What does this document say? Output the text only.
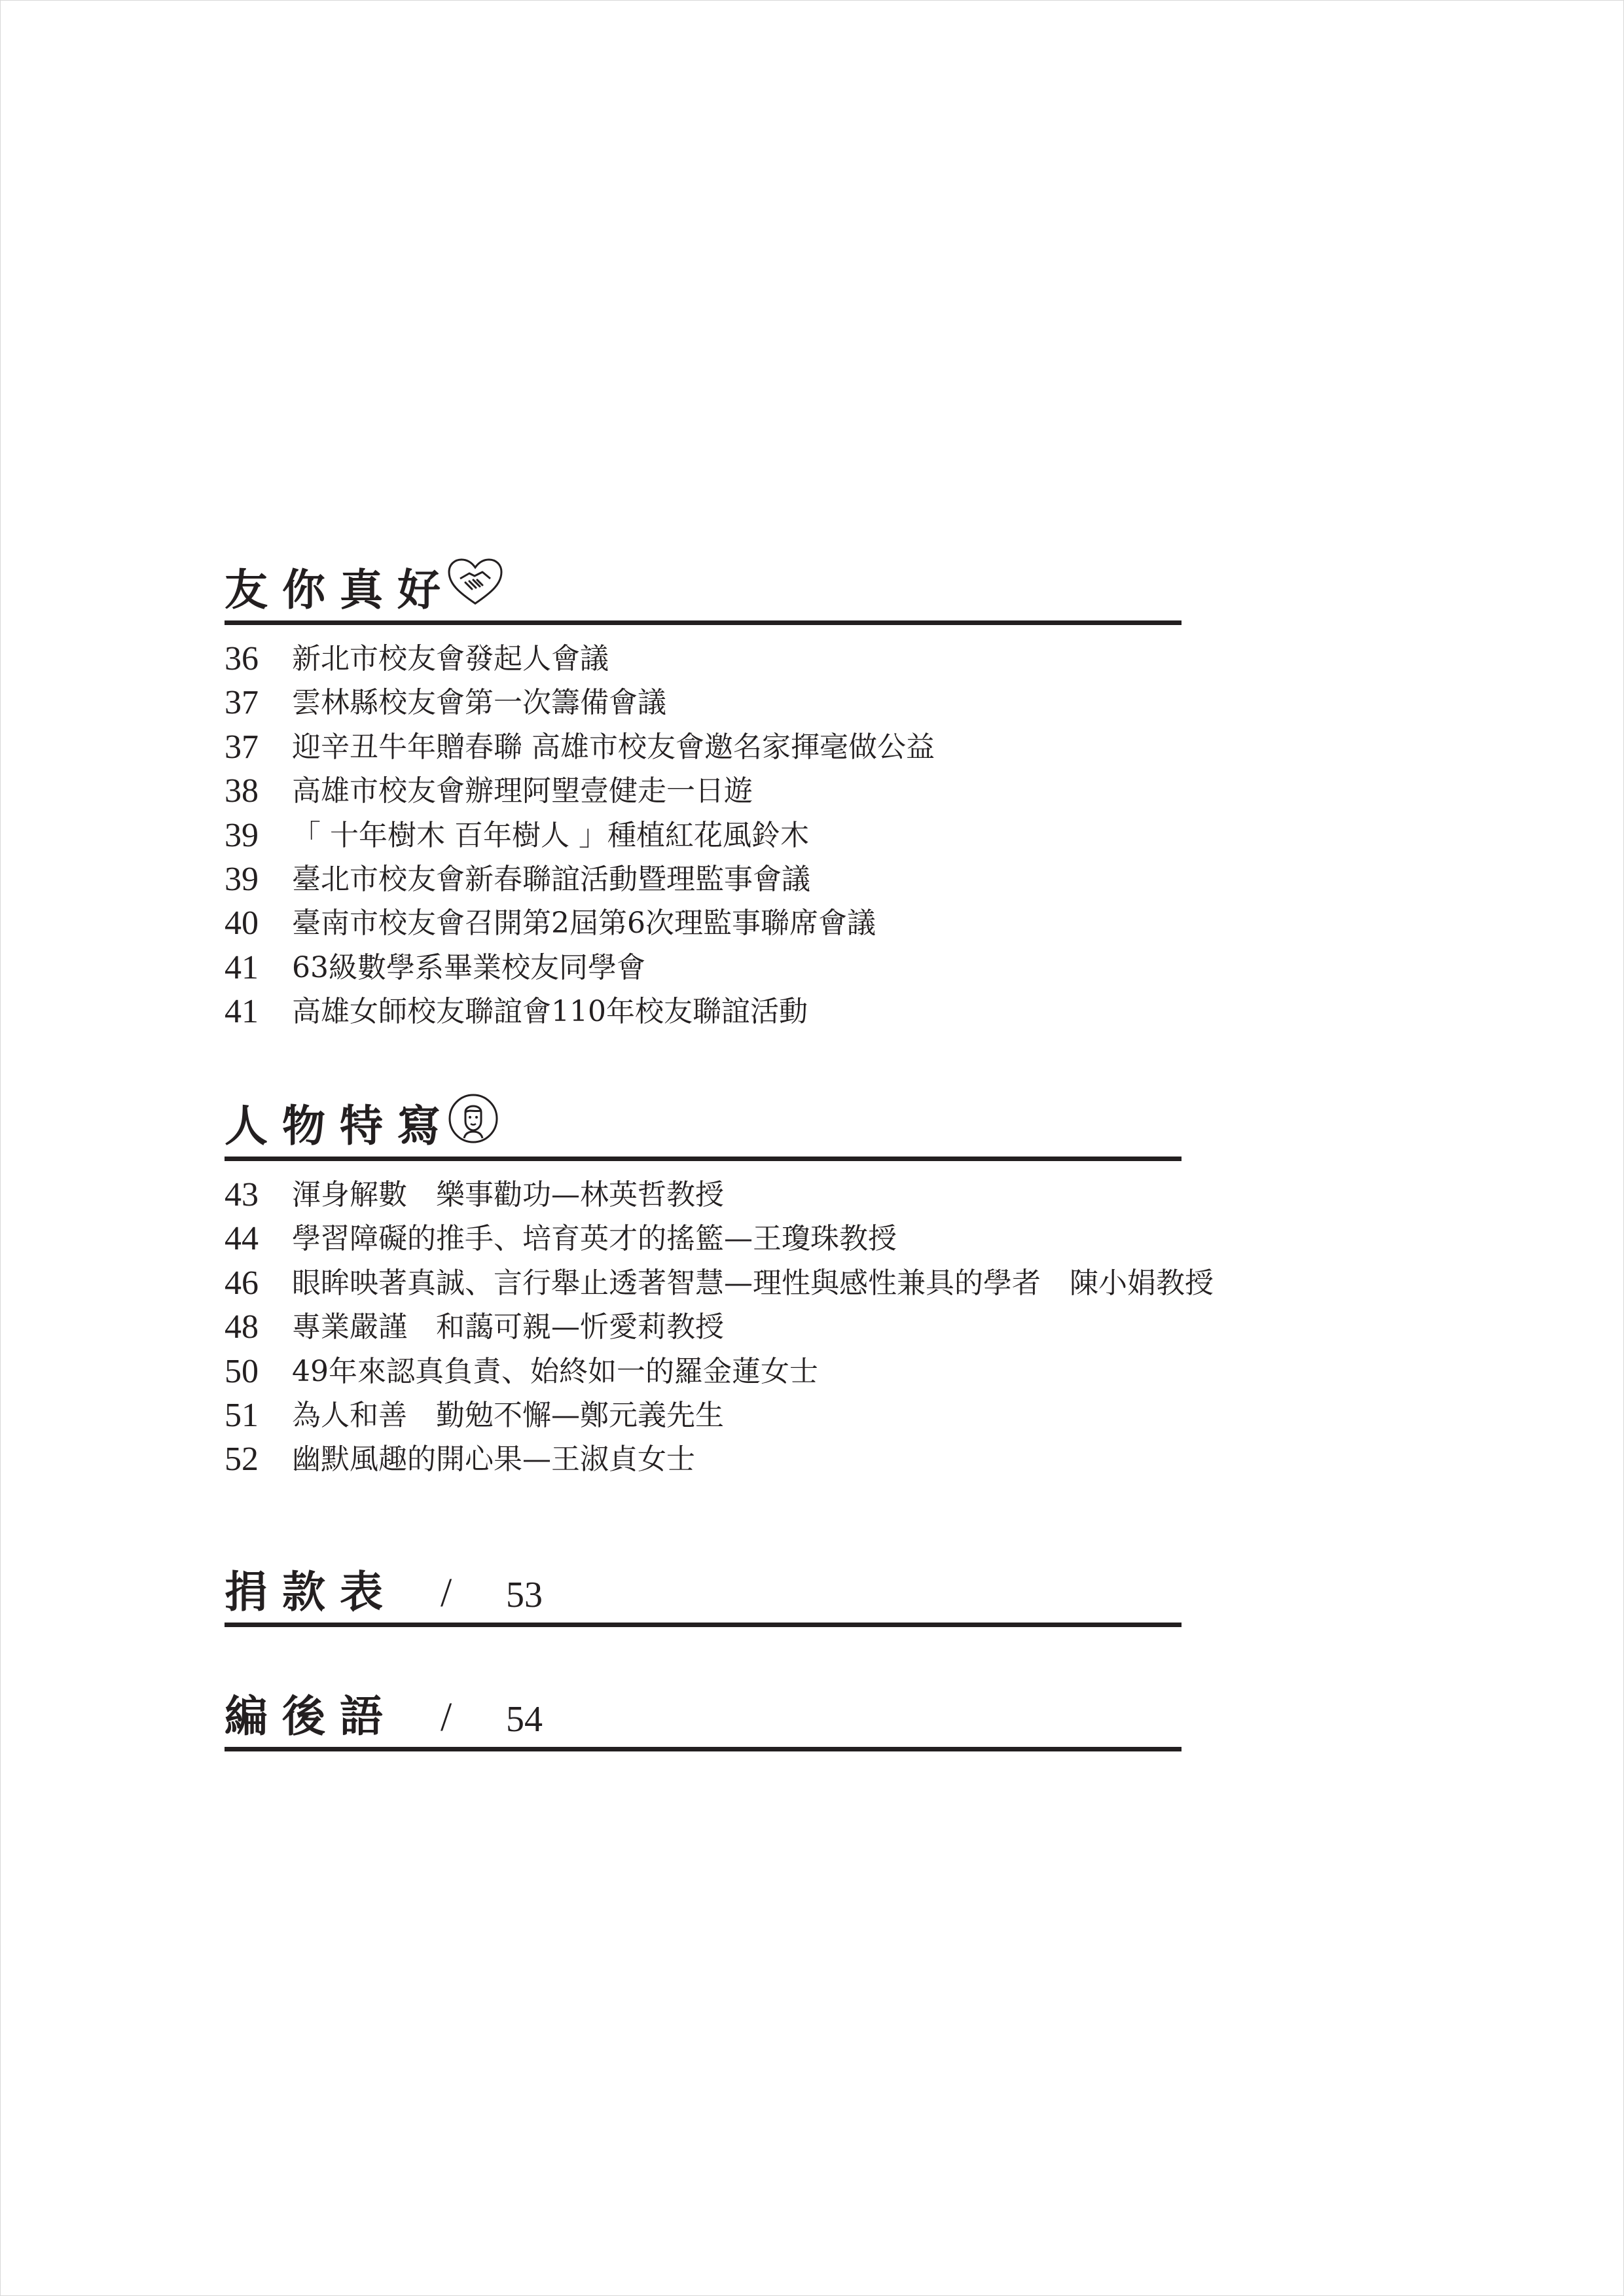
友你真好
36 新北市校友會發起人會議
37 雲林縣校友會第一次籌備會議
37 迎辛丑牛年贈春聯 高雄市校友會邀名家揮毫做公益
38 高雄市校友會辦理阿朢壹健走一日遊
39 「 十年樹木 百年樹人 」種植紅花風鈴木
39 臺北市校友會新春聯誼活動暨理監事會議
40 臺南市校友會召開第2屆第6次理監事聯席會議
41 63級數學系畢業校友同學會
41 高雄女師校友聯誼會110年校友聯誼活動
人物特寫
43 渾身解數　樂事勸功—林英哲教授
44 學習障礙的推手、培育英才的搖籃—王瓊珠教授
46 眼眸映著真誠、言行舉止透著智慧—理性與感性兼具的學者　陳小娟教授
48 專業嚴謹　和藹可親—忻愛莉教授
50 49年來認真負責、始終如一的羅金蓮女士
51 為人和善　勤勉不懈—鄭元義先生
52 幽默風趣的開心果—王淑貞女士
捐款表 / 53
編後語 / 54
